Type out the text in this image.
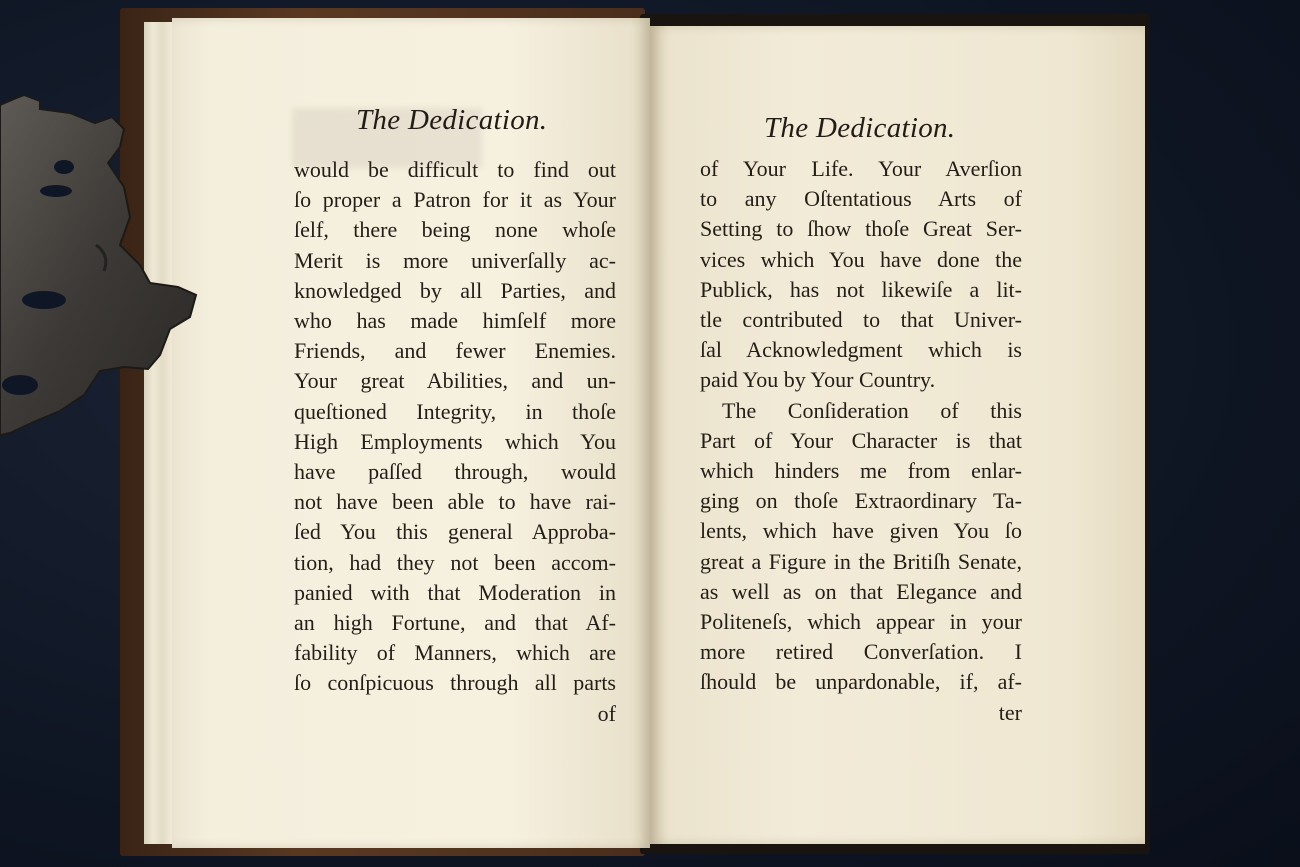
The Dedication.
would be difficult to find out
ſo proper a Patron for it as Your
ſelf, there being none whoſe
Merit is more univerſally ac-
knowledged by all Parties, and
who has made himſelf more
Friends, and fewer Enemies.
Your great Abilities, and un-
queſtioned Integrity, in thoſe
High Employments which You
have paſſed through, would
not have been able to have rai-
ſed You this general Approba-
tion, had they not been accom-
panied with that Moderation in
an high Fortune, and that Af-
fability of Manners, which are
ſo conſpicuous through all parts
of
The Dedication.
of Your Life. Your Averſion
to any Oſtentatious Arts of
Setting to ſhow thoſe Great Ser-
vices which You have done the
Publick, has not likewiſe a lit-
tle contributed to that Univer-
ſal Acknowledgment which is
paid You by Your Country.
The Conſideration of this
Part of Your Character is that
which hinders me from enlar-
ging on thoſe Extraordinary Ta-
lents, which have given You ſo
great a Figure in the Britiſh Senate,
as well as on that Elegance and
Politeneſs, which appear in your
more retired Converſation. I
ſhould be unpardonable, if, af-
ter
